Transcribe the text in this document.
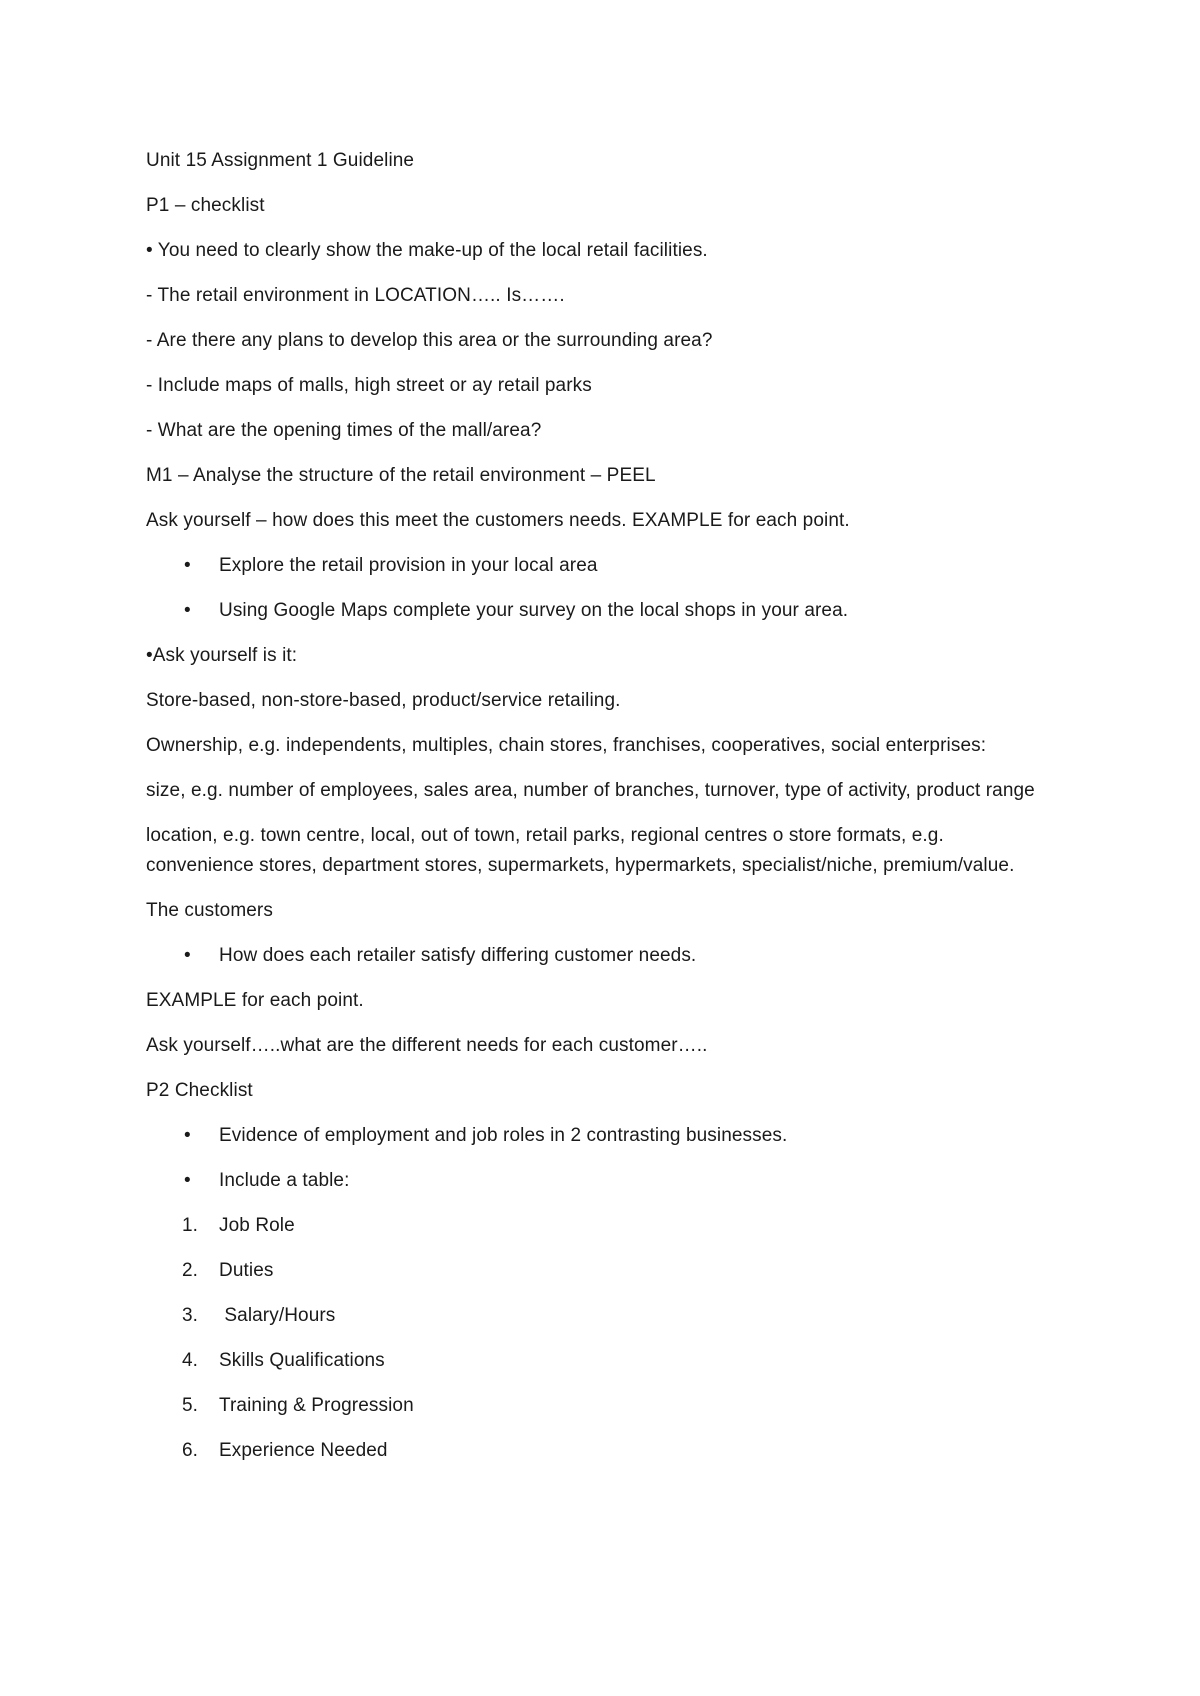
Unit 15 Assignment 1 Guideline

P1 – checklist

• You need to clearly show the make-up of the local retail facilities.

- The retail environment in LOCATION….. Is…….

- Are there any plans to develop this area or the surrounding area?

- Include maps of malls, high street or ay retail parks

- What are the opening times of the mall/area?

M1 – Analyse the structure of the retail environment – PEEL

Ask yourself – how does this meet the customers needs. EXAMPLE for each point.

•	Explore the retail provision in your local area
•	Using Google Maps complete your survey on the local shops in your area.

•Ask yourself is it:

Store-based, non-store-based, product/service retailing.

Ownership, e.g. independents, multiples, chain stores, franchises, cooperatives, social enterprises:

size, e.g. number of employees, sales area, number of branches, turnover, type of activity, product range

location, e.g. town centre, local, out of town, retail parks, regional centres o store formats, e.g. convenience stores, department stores, supermarkets, hypermarkets, specialist/niche, premium/value.

The customers

•	How does each retailer satisfy differing customer needs.

EXAMPLE for each point.

Ask yourself…..what are the different needs for each customer…..

P2 Checklist

•	Evidence of employment and job roles in 2 contrasting businesses.
•	Include a table:
1.	Job Role
2.	Duties
3.	Salary/Hours
4.	Skills Qualifications
5.	Training & Progression
6.	Experience Needed
